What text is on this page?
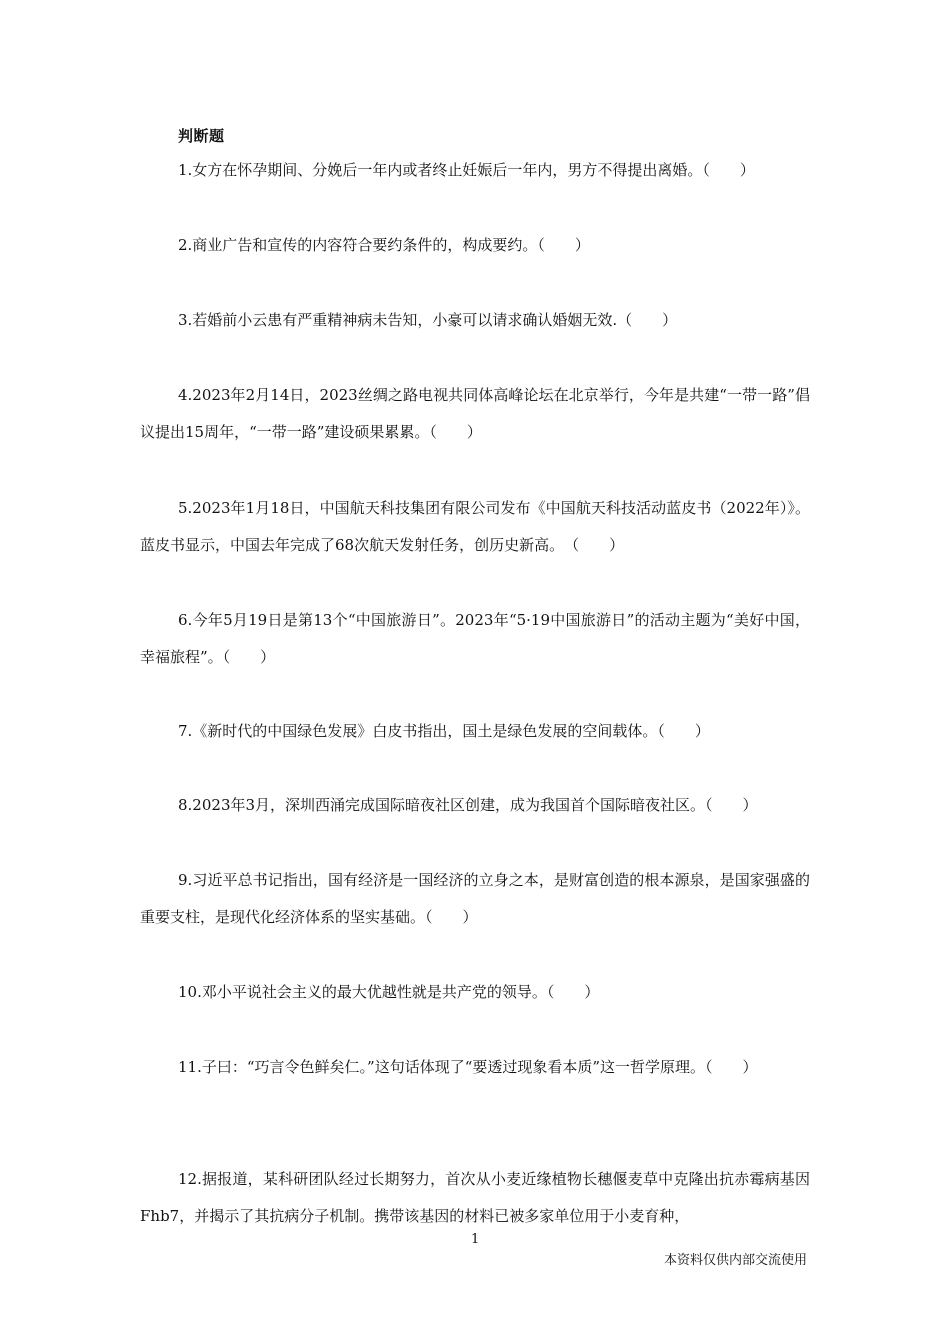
判断题

1.女方在怀孕期间、分娩后一年内或者终止妊娠后一年内，男方不得提出离婚。（　　）

2.商业广告和宣传的内容符合要约条件的，构成要约。（　　）

3.若婚前小云患有严重精神病未告知，小豪可以请求确认婚姻无效.（　　）

4.2023年2月14日，2023丝绸之路电视共同体高峰论坛在北京举行，今年是共建“一带一路”倡议提出15周年，“一带一路”建设硕果累累。（　　）

5.2023年1月18日，中国航天科技集团有限公司发布《中国航天科技活动蓝皮书（2022年）》。蓝皮书显示，中国去年完成了68次航天发射任务，创历史新高。　（　　）

6.今年5月19日是第13个“中国旅游日”。2023年“5·19中国旅游日”的活动主题为“美好中国，幸福旅程”。（　　）

7.《新时代的中国绿色发展》白皮书指出，国土是绿色发展的空间载体。（　　）

8.2023年3月，深圳西涌完成国际暗夜社区创建，成为我国首个国际暗夜社区。（　　）

9.习近平总书记指出，国有经济是一国经济的立身之本，是财富创造的根本源泉，是国家强盛的重要支柱，是现代化经济体系的坚实基础。（　　）

10.邓小平说社会主义的最大优越性就是共产党的领导。（　　）

11.子曰：“巧言令色鲜矣仁。”这句话体现了“要透过现象看本质”这一哲学原理。（　　）

12.据报道，某科研团队经过长期努力，首次从小麦近缘植物长穗偃麦草中克隆出抗赤霉病基因Fhb7，并揭示了其抗病分子机制。携带该基因的材料已被多家单位用于小麦育种，

1
本资料仅供内部交流使用
